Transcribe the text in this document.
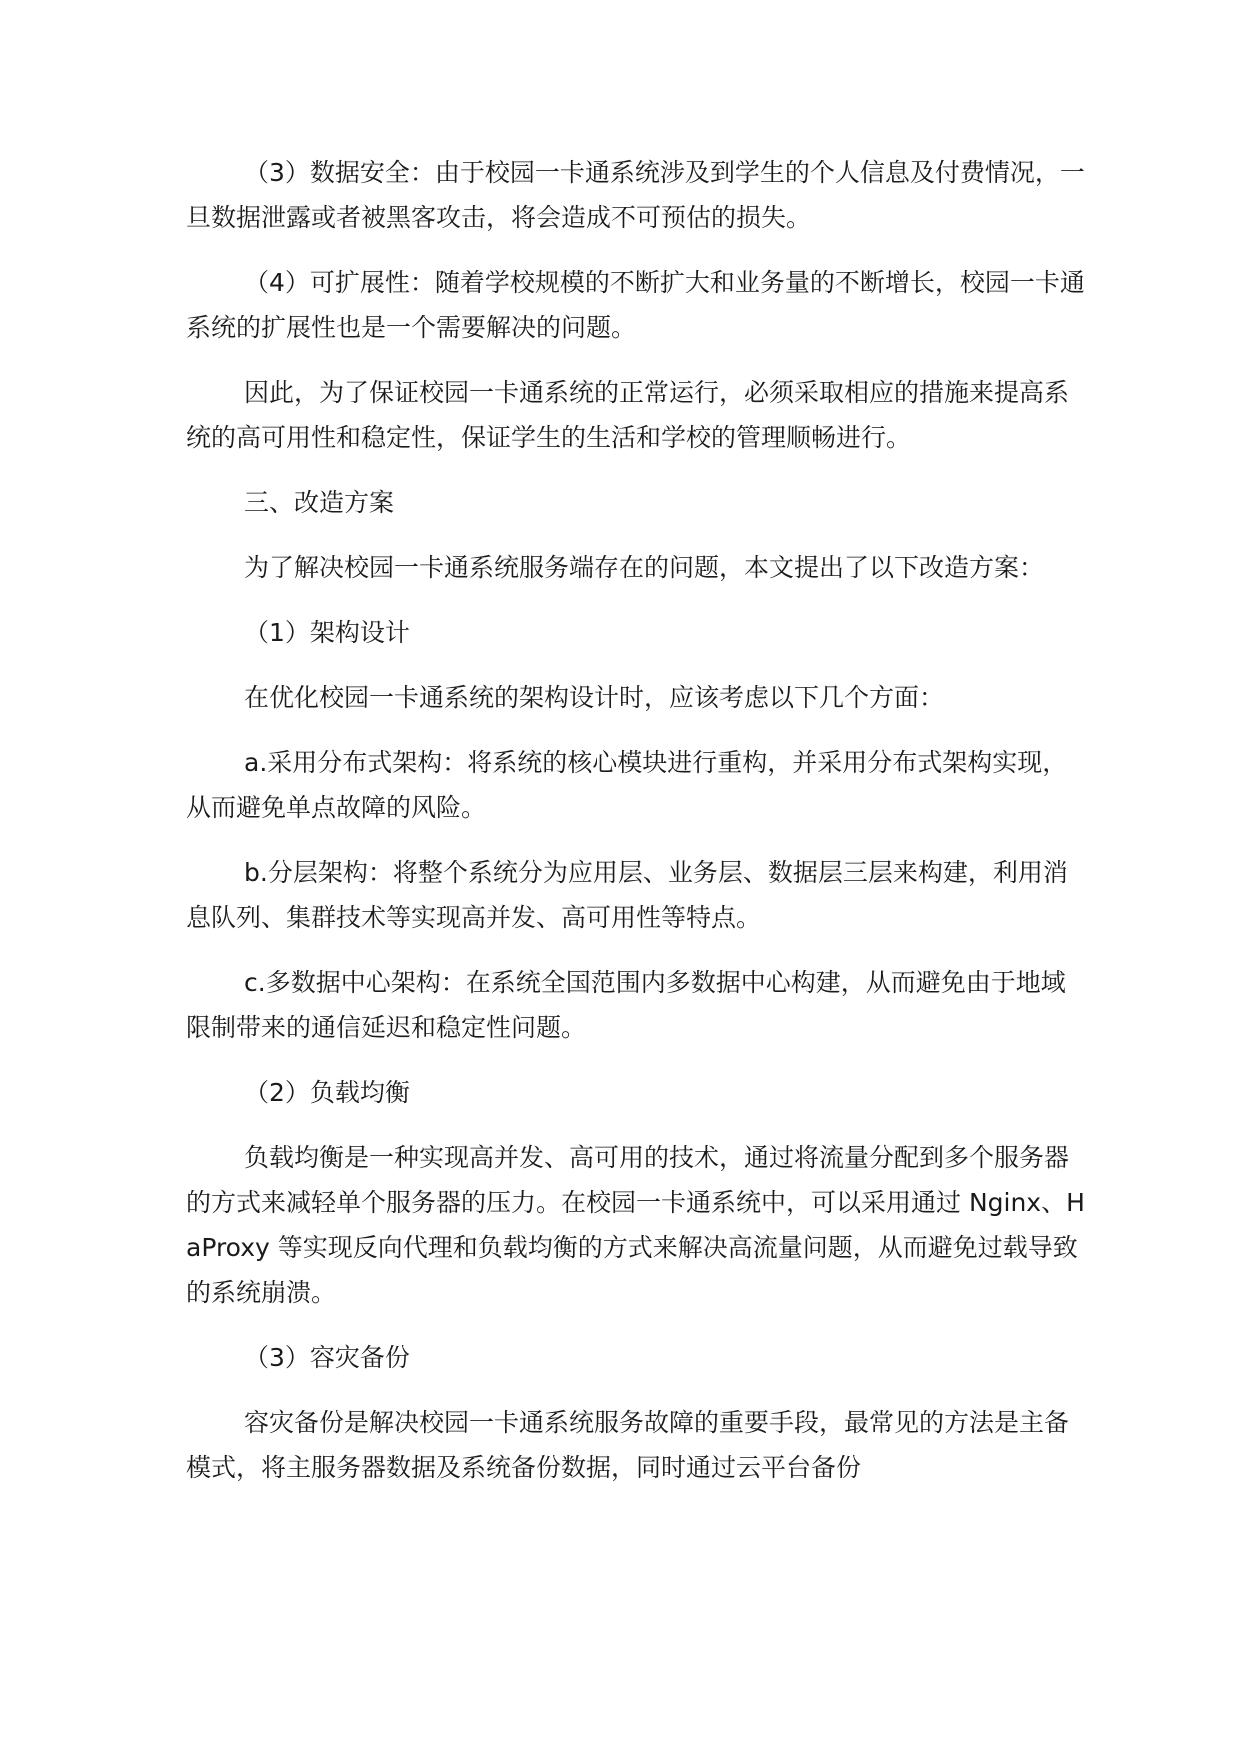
（3）数据安全：由于校园一卡通系统涉及到学生的个人信息及付费情况，一旦数据泄露或者被黑客攻击，将会造成不可预估的损失。

（4）可扩展性：随着学校规模的不断扩大和业务量的不断增长，校园一卡通系统的扩展性也是一个需要解决的问题。

因此，为了保证校园一卡通系统的正常运行，必须采取相应的措施来提高系统的高可用性和稳定性，保证学生的生活和学校的管理顺畅进行。

三、改造方案

为了解决校园一卡通系统服务端存在的问题，本文提出了以下改造方案：

（1）架构设计

在优化校园一卡通系统的架构设计时，应该考虑以下几个方面：

a.采用分布式架构：将系统的核心模块进行重构，并采用分布式架构实现，从而避免单点故障的风险。

b.分层架构：将整个系统分为应用层、业务层、数据层三层来构建，利用消息队列、集群技术等实现高并发、高可用性等特点。

c.多数据中心架构：在系统全国范围内多数据中心构建，从而避免由于地域限制带来的通信延迟和稳定性问题。

（2）负载均衡

负载均衡是一种实现高并发、高可用的技术，通过将流量分配到多个服务器的方式来减轻单个服务器的压力。在校园一卡通系统中，可以采用通过 Nginx、HaProxy 等实现反向代理和负载均衡的方式来解决高流量问题，从而避免过载导致的系统崩溃。

（3）容灾备份

容灾备份是解决校园一卡通系统服务故障的重要手段，最常见的方法是主备模式，将主服务器数据及系统备份数据，同时通过云平台备份
